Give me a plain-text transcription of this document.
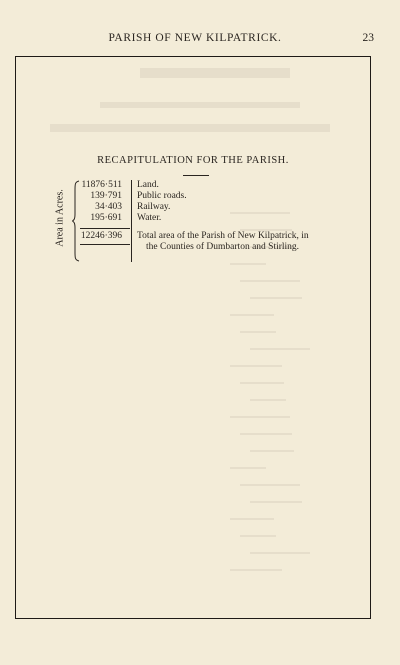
PARISH OF NEW KILPATRICK.	23
RECAPITULATION FOR THE PARISH.
Area in Acres.
11876·511 Land.
139·791 Public roads.
34·403 Railway.
195·691 Water.
12246·396 Total area of the Parish of New Kilpatrick, in
the Counties of Dumbarton and Stirling.
